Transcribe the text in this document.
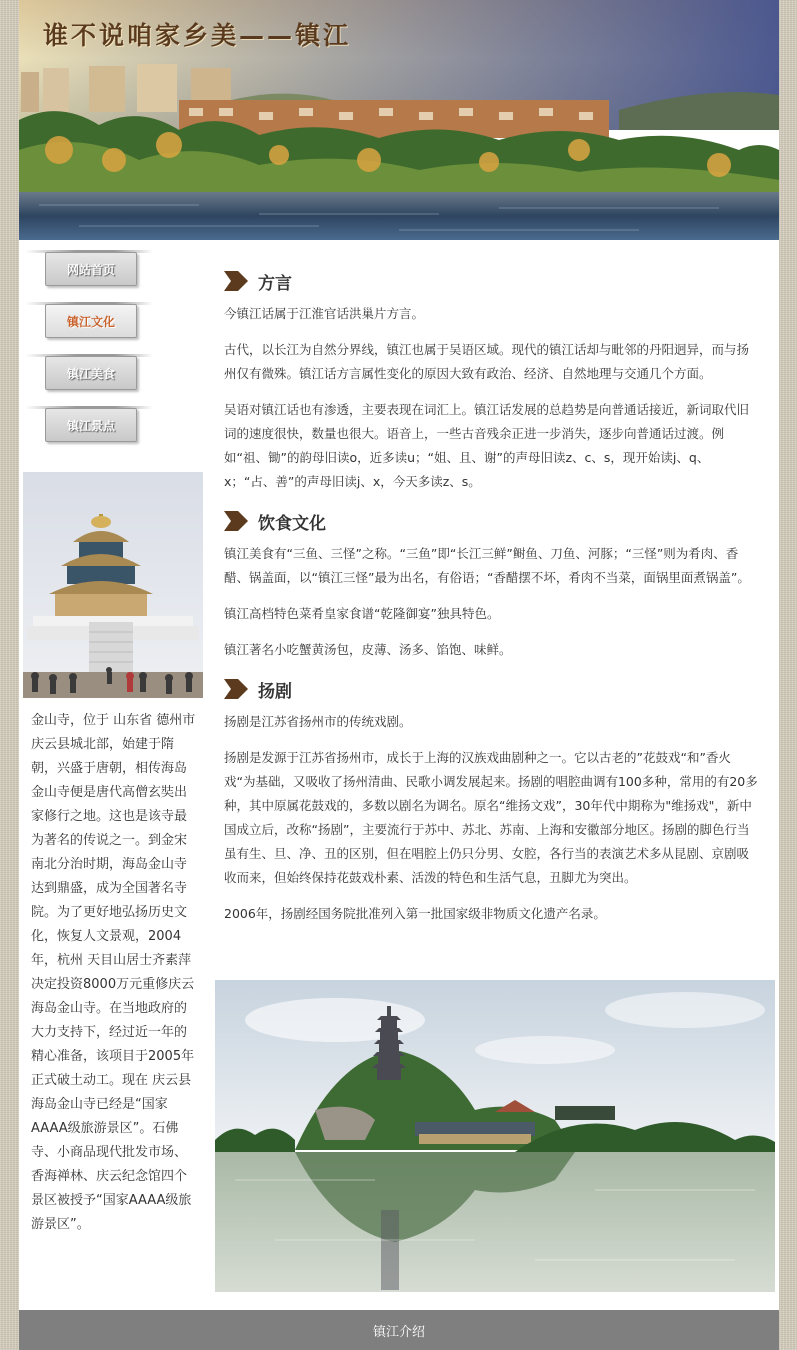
谁不说咱家乡美——镇江
网站首页
镇江文化
镇江美食
镇江景点
金山寺，位于 山东省 德州市 庆云县城北部，始建于隋朝，兴盛于唐朝，相传海岛金山寺便是唐代高僧玄奘出家修行之地。这也是该寺最为著名的传说之一。到金宋南北分治时期，海岛金山寺达到鼎盛，成为全国著名寺院。为了更好地弘扬历史文化，恢复人文景观，2004年，杭州 天目山居士齐素萍决定投资8000万元重修庆云海岛金山寺。在当地政府的大力支持下，经过近一年的精心准备，该项目于2005年正式破土动工。现在 庆云县海岛金山寺已经是“国家AAAA级旅游景区”。石佛寺、小商品现代批发市场、香海禅林、庆云纪念馆四个景区被授予“国家AAAA级旅游景区”。
方言

今镇江话属于江淮官话洪巢片方言。

古代，以长江为自然分界线，镇江也属于吴语区域。现代的镇江话却与毗邻的丹阳迥异，而与扬州仅有微殊。镇江话方言属性变化的原因大致有政治、经济、自然地理与交通几个方面。

吴语对镇江话也有渗透，主要表现在词汇上。镇江话发展的总趋势是向普通话接近，新词取代旧词的速度很快，数量也很大。语音上，一些古音残余正进一步消失，逐步向普通话过渡。例如“祖、锄”的韵母旧读o，近多读u；“姐、且、谢”的声母旧读z、c、s，现开始读j、q、x；“占、善”的声母旧读j、x，今天多读z、s。

饮食文化

镇江美食有“三鱼、三怪”之称。“三鱼”即“长江三鲜”鲥鱼、刀鱼、河豚；“三怪”则为肴肉、香醋、锅盖面，以“镇江三怪”最为出名，有俗语；“香醋摆不坏，肴肉不当菜，面锅里面煮锅盖”。

镇江高档特色菜肴皇家食谱“乾隆御宴”独具特色。

镇江著名小吃蟹黄汤包，皮薄、汤多、馅饱、味鲜。

扬剧

扬剧是江苏省扬州市的传统戏剧。

扬剧是发源于江苏省扬州市，成长于上海的汉族戏曲剧种之一。它以古老的”花鼓戏“和”香火戏“为基础，又吸收了扬州清曲、民歌小调发展起来。扬剧的唱腔曲调有100多种，常用的有20多种，其中原属花鼓戏的，多数以剧名为调名。原名“维扬文戏”，30年代中期称为"维扬戏"，新中国成立后，改称“扬剧”，主要流行于苏中、苏北、苏南、上海和安徽部分地区。扬剧的脚色行当虽有生、旦、净、丑的区别，但在唱腔上仍只分男、女腔，各行当的表演艺术多从昆剧、京剧吸收而来，但始终保持花鼓戏朴素、活泼的特色和生活气息，丑脚尤为突出。

2006年，扬剧经国务院批准列入第一批国家级非物质文化遗产名录。

镇江介绍
